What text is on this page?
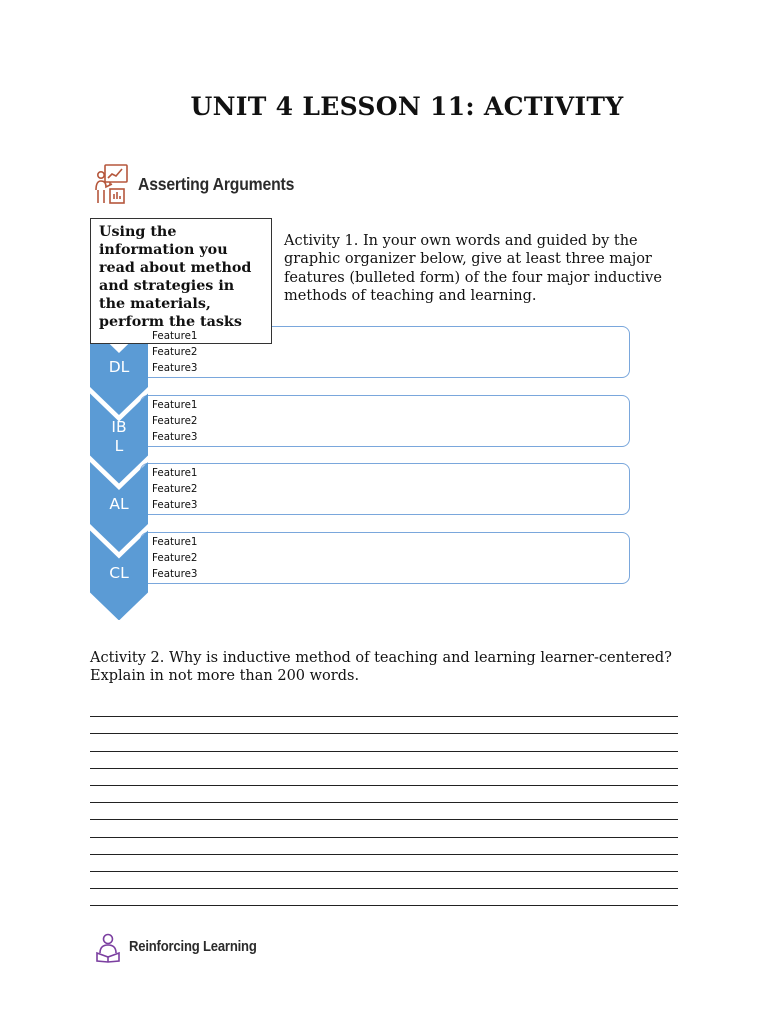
UNIT 4 LESSON 11: ACTIVITY
Asserting Arguments
Using the information you read about method and strategies in the materials, perform the tasks
Activity 1. In your own words and guided by the graphic organizer below, give at least three major features (bulleted form) of the four major inductive methods of teaching and learning.
DL
Feature1
Feature2
Feature3
IB
L
Feature1
Feature2
Feature3
AL
Feature1
Feature2
Feature3
CL
Feature1
Feature2
Feature3
Activity 2. Why is inductive method of teaching and learning learner-centered? Explain in not more than 200 words.
Reinforcing Learning
